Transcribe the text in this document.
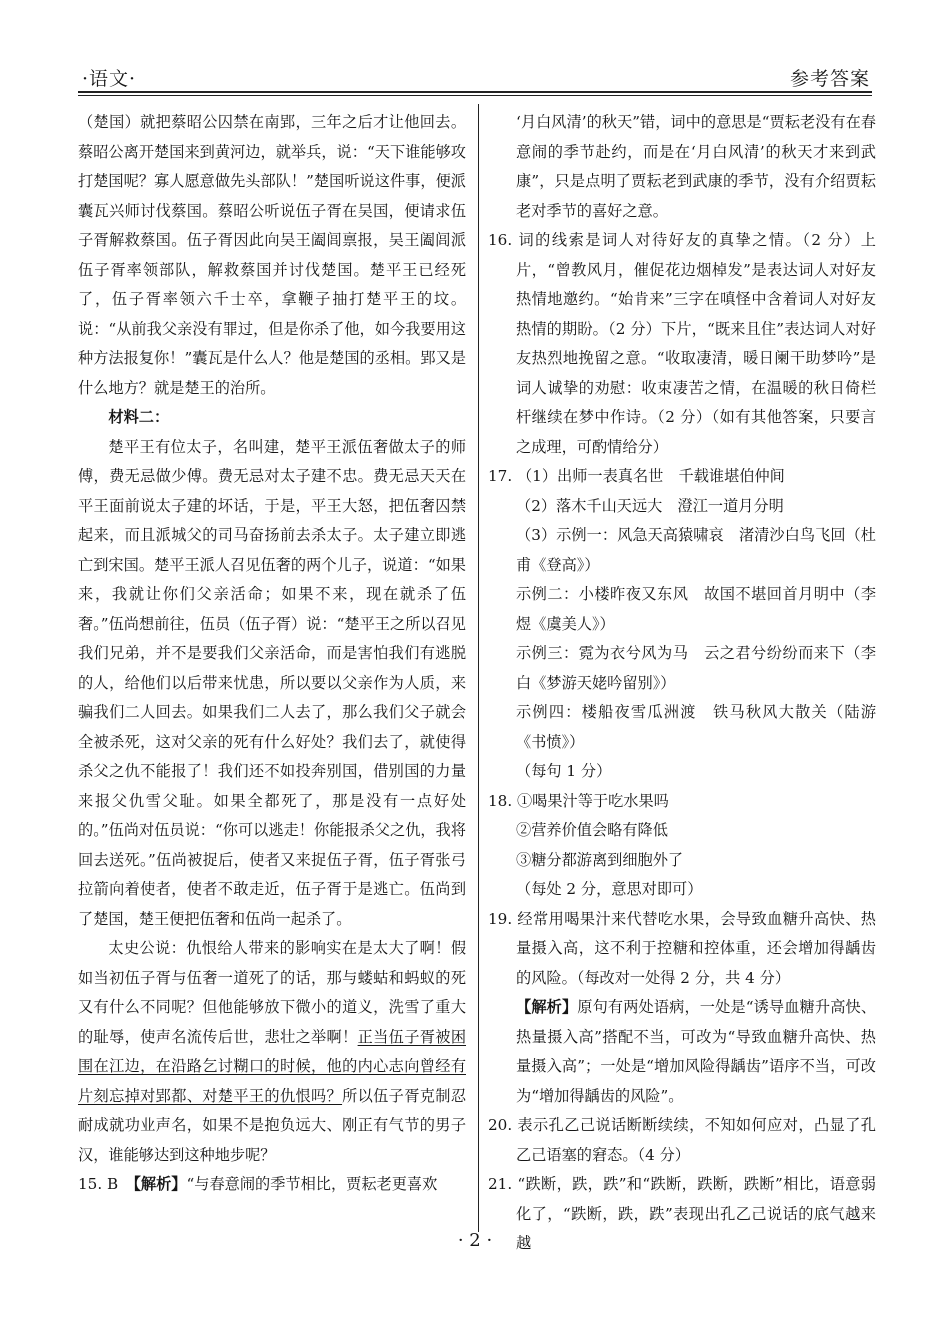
·语文·	参考答案

（楚国）就把蔡昭公囚禁在南郢，三年之后才让他回去。蔡昭公离开楚国来到黄河边，就举兵，说：“天下谁能够攻打楚国呢？寡人愿意做先头部队！”楚国听说这件事，便派囊瓦兴师讨伐蔡国。蔡昭公听说伍子胥在吴国，便请求伍子胥解救蔡国。伍子胥因此向吴王阖闾禀报，吴王阖闾派伍子胥率领部队，解救蔡国并讨伐楚国。楚平王已经死了，伍子胥率领六千士卒，拿鞭子抽打楚平王的坟。说：“从前我父亲没有罪过，但是你杀了他，如今我要用这种方法报复你！”囊瓦是什么人？他是楚国的丞相。郢又是什么地方？就是楚王的治所。

材料二：

楚平王有位太子，名叫建，楚平王派伍奢做太子的师傅，费无忌做少傅。费无忌对太子建不忠。费无忌天天在平王面前说太子建的坏话，于是，平王大怒，把伍奢囚禁起来，而且派城父的司马奋扬前去杀太子。太子建立即逃亡到宋国。楚平王派人召见伍奢的两个儿子，说道：“如果来，我就让你们父亲活命；如果不来，现在就杀了伍奢。”伍尚想前往，伍员（伍子胥）说：“楚平王之所以召见我们兄弟，并不是要我们父亲活命，而是害怕我们有逃脱的人，给他们以后带来忧患，所以要以父亲作为人质，来骗我们二人回去。如果我们二人去了，那么我们父子就会全被杀死，这对父亲的死有什么好处？我们去了，就使得杀父之仇不能报了！我们还不如投奔别国，借别国的力量来报父仇雪父耻。如果全都死了，那是没有一点好处的。”伍尚对伍员说：“你可以逃走！你能报杀父之仇，我将回去送死。”伍尚被捉后，使者又来捉伍子胥，伍子胥张弓拉箭向着使者，使者不敢走近，伍子胥于是逃亡。伍尚到了楚国，楚王便把伍奢和伍尚一起杀了。

太史公说：仇恨给人带来的影响实在是太大了啊！假如当初伍子胥与伍奢一道死了的话，那与蝼蛄和蚂蚁的死又有什么不同呢？但他能够放下微小的道义，洗雪了重大的耻辱，使声名流传后世，悲壮之举啊！正当伍子胥被困围在江边，在沿路乞讨糊口的时候，他的内心志向曾经有片刻忘掉对郢都、对楚平王的仇恨吗？所以伍子胥克制忍耐成就功业声名，如果不是抱负远大、刚正有气节的男子汉，谁能够达到这种地步呢？

15. B　【解析】“与春意闹的季节相比，贾耘老更喜欢

‘月白风清’的秋天”错，词中的意思是“贾耘老没有在春意闹的季节赴约，而是在‘月白风清’的秋天才来到武康”，只是点明了贾耘老到武康的季节，没有介绍贾耘老对季节的喜好之意。

16. 词的线索是词人对待好友的真挚之情。（2 分）上片，“曾教风月，催促花边烟棹发”是表达词人对好友热情地邀约。“始肯来”三字在嗔怪中含着词人对好友热情的期盼。（2 分）下片，“既来且住”表达词人对好友热烈地挽留之意。“收取凄清，暖日阑干助梦吟”是词人诚挚的劝慰：收束凄苦之情，在温暖的秋日倚栏杆继续在梦中作诗。（2 分）（如有其他答案，只要言之成理，可酌情给分）

17. （1）出师一表真名世　千载谁堪伯仲间

（2）落木千山天远大　澄江一道月分明

（3）示例一：风急天高猿啸哀　渚清沙白鸟飞回（杜甫《登高》）

示例二：小楼昨夜又东风　故国不堪回首月明中（李煜《虞美人》）

示例三：霓为衣兮风为马　云之君兮纷纷而来下（李白《梦游天姥吟留别》）

示例四：楼船夜雪瓜洲渡　铁马秋风大散关（陆游《书愤》）

（每句 1 分）

18. ①喝果汁等于吃水果吗

②营养价值会略有降低

③糖分都游离到细胞外了

（每处 2 分，意思对即可）

19. 经常用喝果汁来代替吃水果，会导致血糖升高快、热量摄入高，这不利于控糖和控体重，还会增加得龋齿的风险。（每改对一处得 2 分，共 4 分）

【解析】原句有两处语病，一处是“诱导血糖升高快、热量摄入高”搭配不当，可改为“导致血糖升高快、热量摄入高”；一处是“增加风险得龋齿”语序不当，可改为“增加得龋齿的风险”。

20. 表示孔乙己说话断断续续，不知如何应对，凸显了孔乙己语塞的窘态。（4 分）

21. “跌断，跌，跌”和“跌断，跌断，跌断”相比，语意弱化了，“跌断，跌，跌”表现出孔乙己说话的底气越来越

· 2 ·
